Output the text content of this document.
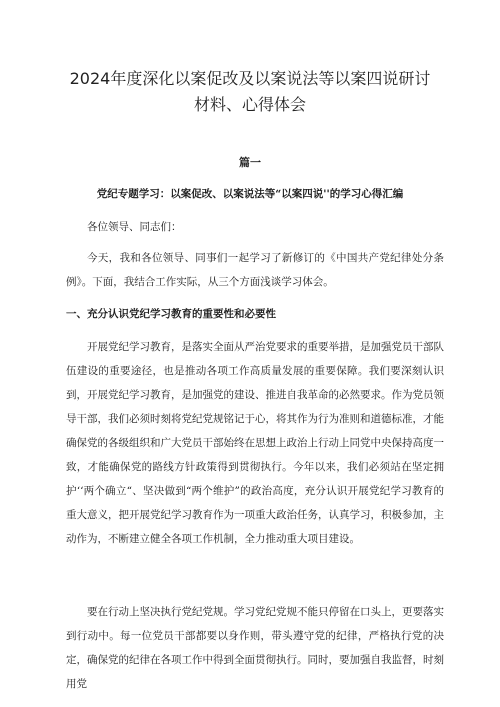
2024年度深化以案促改及以案说法等以案四说研讨
材料、心得体会
篇一
党纪专题学习：以案促改、以案说法等“以案四说''的学习心得汇编

各位领导、同志们：

今天，我和各位领导、同事们一起学习了新修订的《中国共产党纪律处分条例》。下面，我结合工作实际，从三个方面浅谈学习体会。

一、充分认识党纪学习教育的重要性和必要性

开展党纪学习教育，是落实全面从严治党要求的重要举措，是加强党员干部队伍建设的重要途径，也是推动各项工作高质量发展的重要保障。我们要深刻认识到，开展党纪学习教育，是加强党的建设、推进自我革命的必然要求。作为党员领导干部，我们必须时刻将党纪党规铭记于心，将其作为行为准则和道德标准，才能确保党的各级组织和广大党员干部始终在思想上政治上行动上同党中央保持高度一致，才能确保党的路线方针政策得到贯彻执行。今年以来，我们必须站在坚定拥护‘‘两个确立“、坚决做到“两个维护”的政治高度，充分认识开展党纪学习教育的重大意义，把开展党纪学习教育作为一项重大政治任务，认真学习，积极参加，主动作为，不断建立健全各项工作机制，全力推动重大项目建设。

要在行动上坚决执行党纪党规。学习党纪党规不能只停留在口头上，更要落实到行动中。每一位党员干部都要以身作则，带头遵守党的纪律，严格执行党的决定，确保党的纪律在各项工作中得到全面贯彻执行。同时，要加强自我监督，时刻用党
